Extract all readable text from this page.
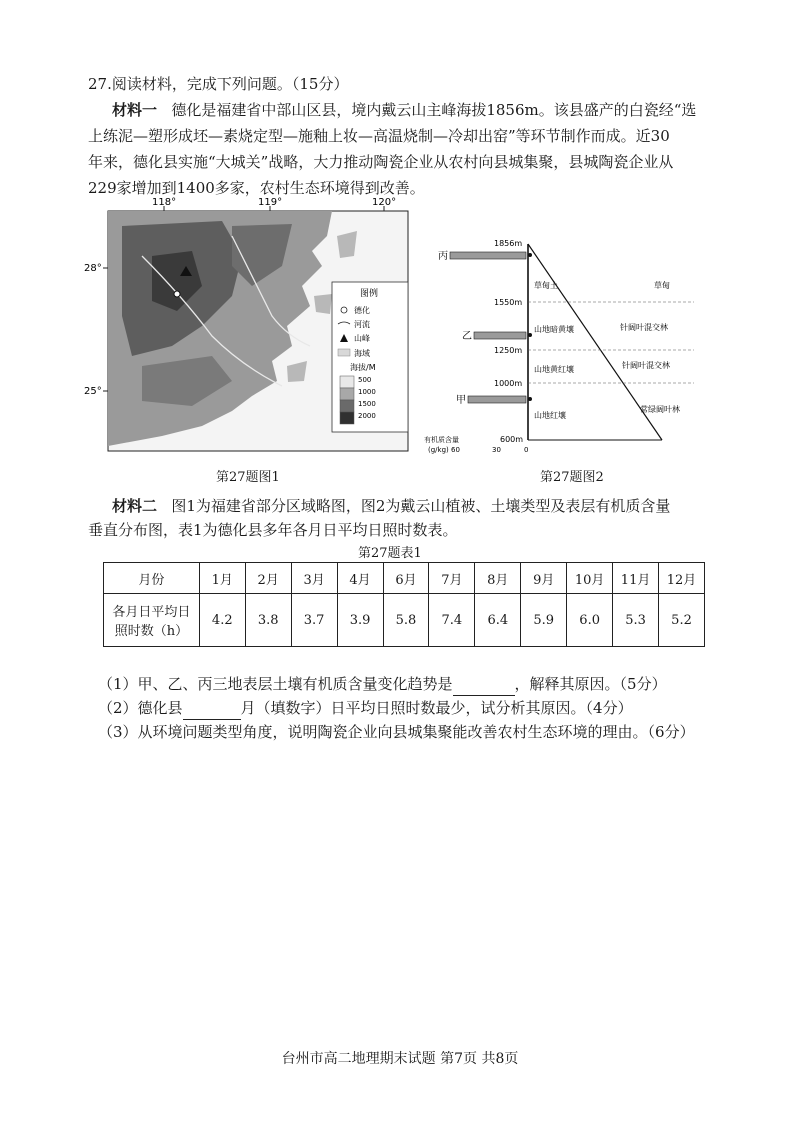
27.阅读材料，完成下列问题。（15分）
材料一 德化是福建省中部山区县，境内戴云山主峰海拔1856m。该县盛产的白瓷经“选
上练泥—塑形成坯—素烧定型—施釉上妆—高温烧制—冷却出窑”等环节制作而成。近30
年来，德化县实施“大城关”战略，大力推动陶瓷企业从农村向县城集聚，县城陶瓷企业从
229家增加到1400多家，农村生态环境得到改善。
118°	119°	120°
28°
25°
图例
德化
河流
山峰
海域
海拔/M
500
1000
1500
2000
第27题图1
1856m
1550m
1250m
1000m
600m
丙
乙
甲
草甸土
山地暗黄壤
山地黄红壤
山地红壤
草甸
针阔叶混交林
针阔叶混交林
常绿阔叶林
有机质含量
(g/kg) 60	30	0
第27题图2
材料二 图1为福建省部分区域略图，图2为戴云山植被、土壤类型及表层有机质含量
垂直分布图，表1为德化县多年各月日平均日照时数表。
第27题表1
月份	1月	2月	3月	4月	6月	7月	8月	9月	10月	11月	12月
各月日平均日
照时数（h）	4.2	3.8	3.7	3.9	5.8	7.4	6.4	5.9	6.0	5.3	5.2
（1）甲、乙、丙三地表层土壤有机质含量变化趋势是	，解释其原因。（5分）
（2）德化县	月（填数字）日平均日照时数最少，试分析其原因。（4分）
（3）从环境问题类型角度，说明陶瓷企业向县城集聚能改善农村生态环境的理由。（6分）
台州市高二地理期末试题 第7页 共8页
